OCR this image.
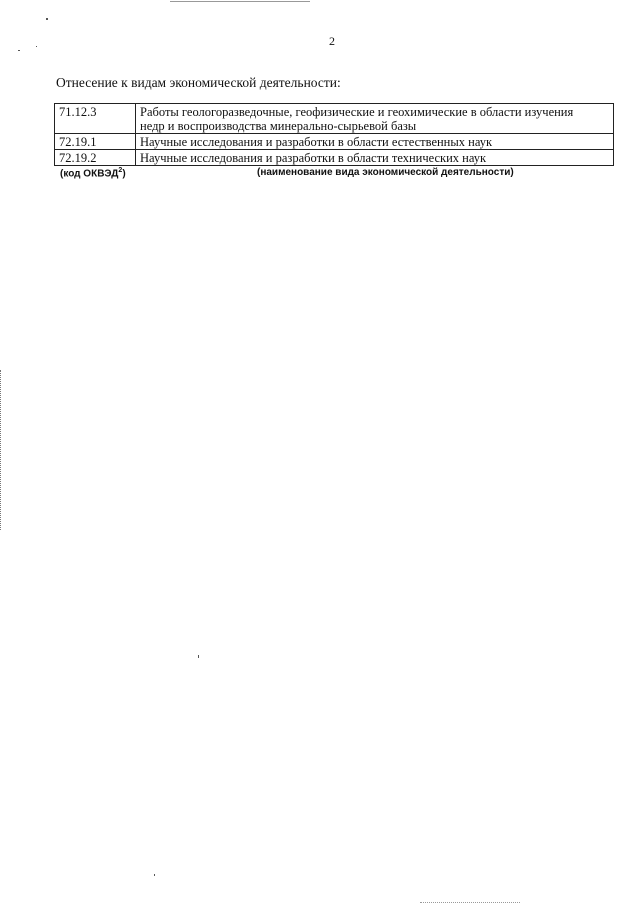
2
Отнесение к видам экономической деятельности:
71.12.3	Работы геологоразведочные, геофизические и геохимические в области изучения
недр и воспроизводства минерально-сырьевой базы

72.19.1	Научные исследования и разработки в области естественных наук
72.19.2	Научные исследования и разработки в области технических наук
(код ОКВЭД$^2$)	(наименование вида экономической деятельности)
